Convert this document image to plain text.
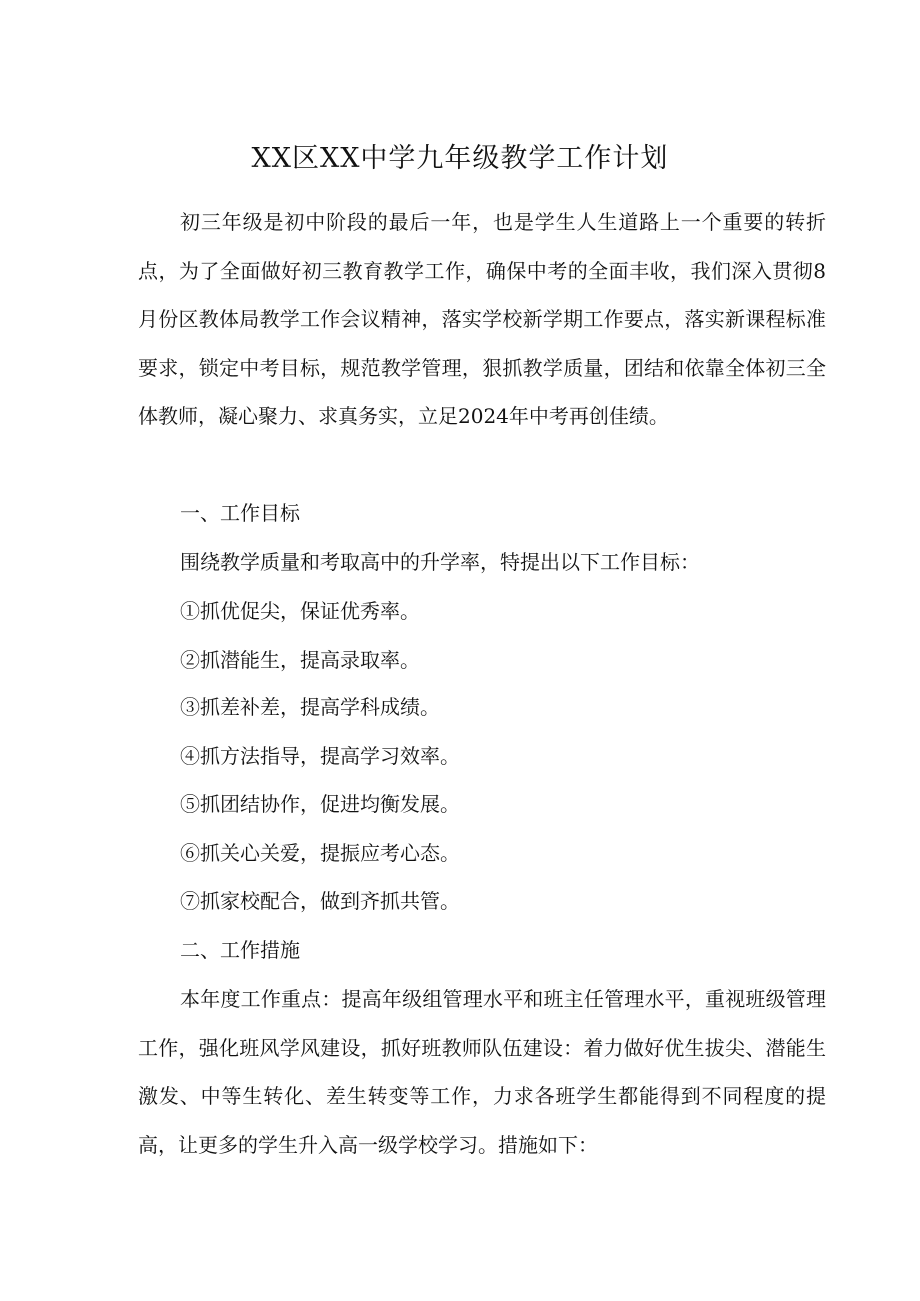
XX区XX中学九年级教学工作计划

初三年级是初中阶段的最后一年，也是学生人生道路上一个重要的转折点，为了全面做好初三教育教学工作，确保中考的全面丰收，我们深入贯彻8月份区教体局教学工作会议精神，落实学校新学期工作要点，落实新课程标准要求，锁定中考目标，规范教学管理，狠抓教学质量，团结和依靠全体初三全体教师，凝心聚力、求真务实，立足2024年中考再创佳绩。

一、工作目标

围绕教学质量和考取高中的升学率，特提出以下工作目标：

①抓优促尖，保证优秀率。

②抓潜能生，提高录取率。

③抓差补差，提高学科成绩。

④抓方法指导，提高学习效率。

⑤抓团结协作，促进均衡发展。

⑥抓关心关爱，提振应考心态。

⑦抓家校配合，做到齐抓共管。

二、工作措施

本年度工作重点：提高年级组管理水平和班主任管理水平，重视班级管理工作，强化班风学风建设，抓好班教师队伍建设：着力做好优生拔尖、潜能生激发、中等生转化、差生转变等工作，力求各班学生都能得到不同程度的提高，让更多的学生升入高一级学校学习。措施如下：
